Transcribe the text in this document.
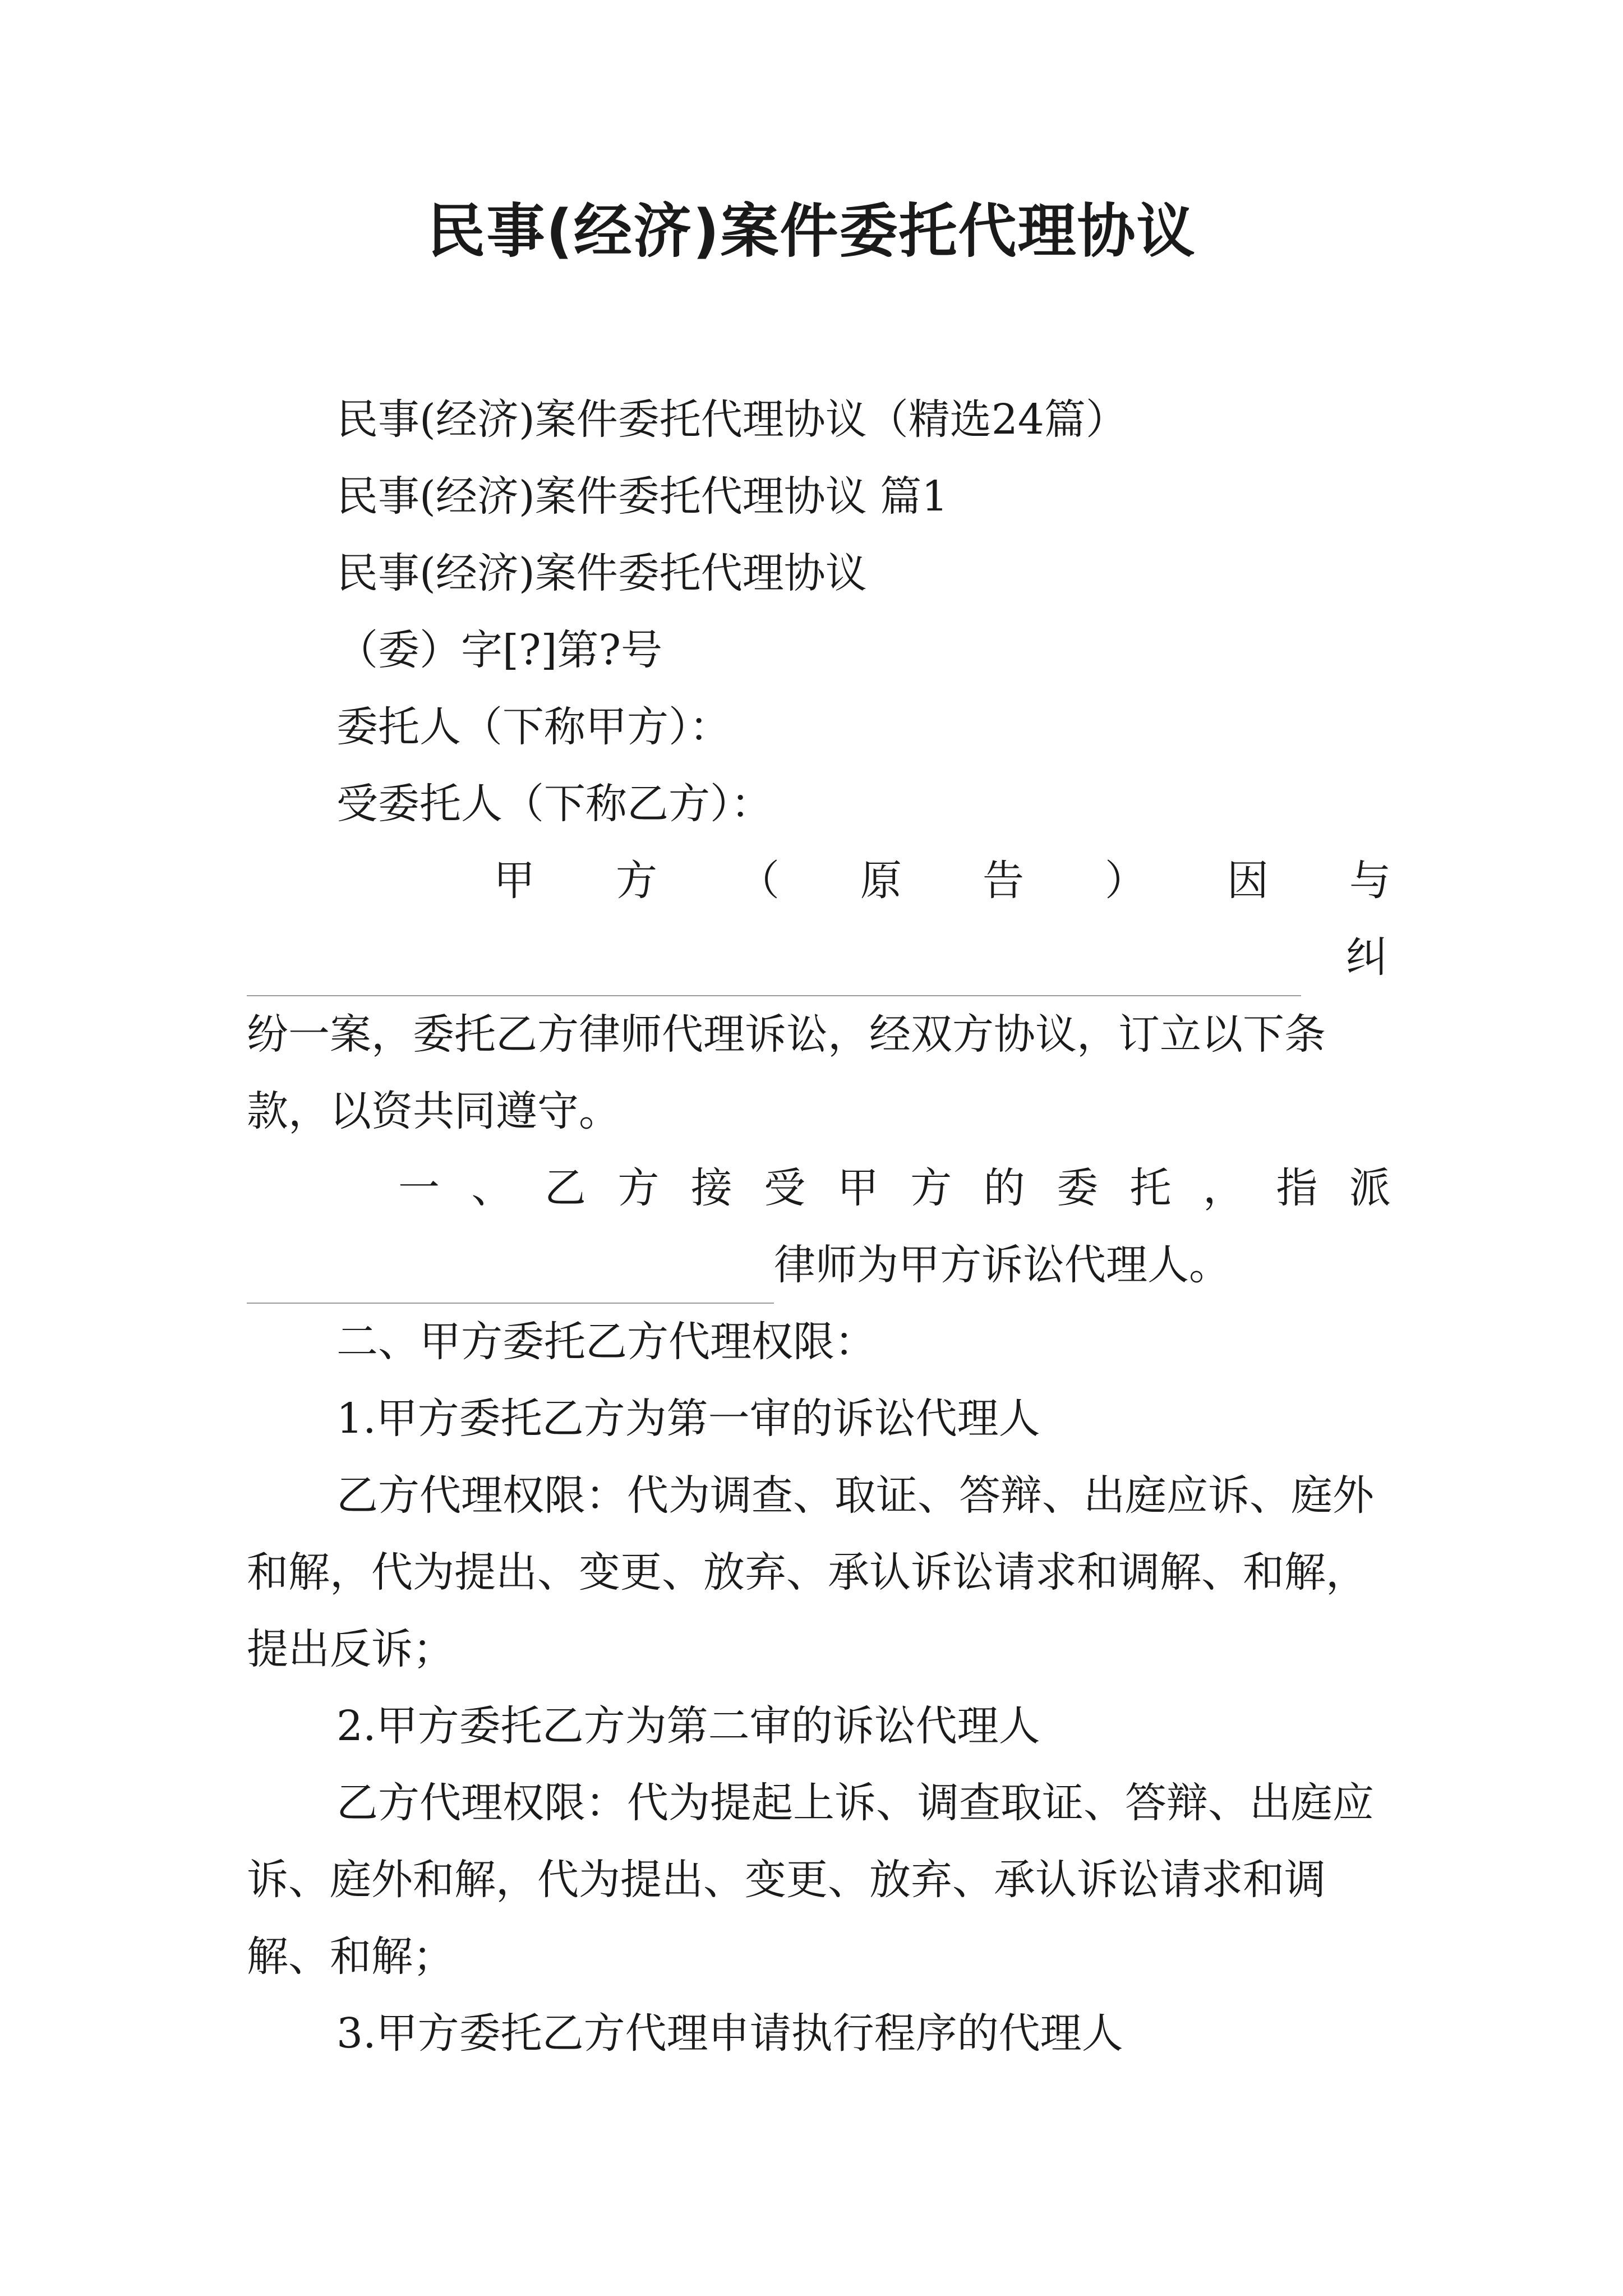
民事(经济)案件委托代理协议

民事(经济)案件委托代理协议（精选24篇）

民事(经济)案件委托代理协议 篇1

民事(经济)案件委托代理协议

（委）字[?]第?号

委托人（下称甲方）：

受委托人（下称乙方）：

甲 方 （ 原 告 ） 因 与
纠

纷一案，委托乙方律师代理诉讼，经双方协议，订立以下条款，以资共同遵守。

一 、 乙 方 接 受 甲 方 的 委 托 ， 指 派
律师为甲方诉讼代理人。

二、甲方委托乙方代理权限：

1.甲方委托乙方为第一审的诉讼代理人

乙方代理权限：代为调查、取证、答辩、出庭应诉、庭外和解，代为提出、变更、放弃、承认诉讼请求和调解、和解，提出反诉；

2.甲方委托乙方为第二审的诉讼代理人

乙方代理权限：代为提起上诉、调查取证、答辩、出庭应诉、庭外和解，代为提出、变更、放弃、承认诉讼请求和调解、和解；

3.甲方委托乙方代理申请执行程序的代理人
